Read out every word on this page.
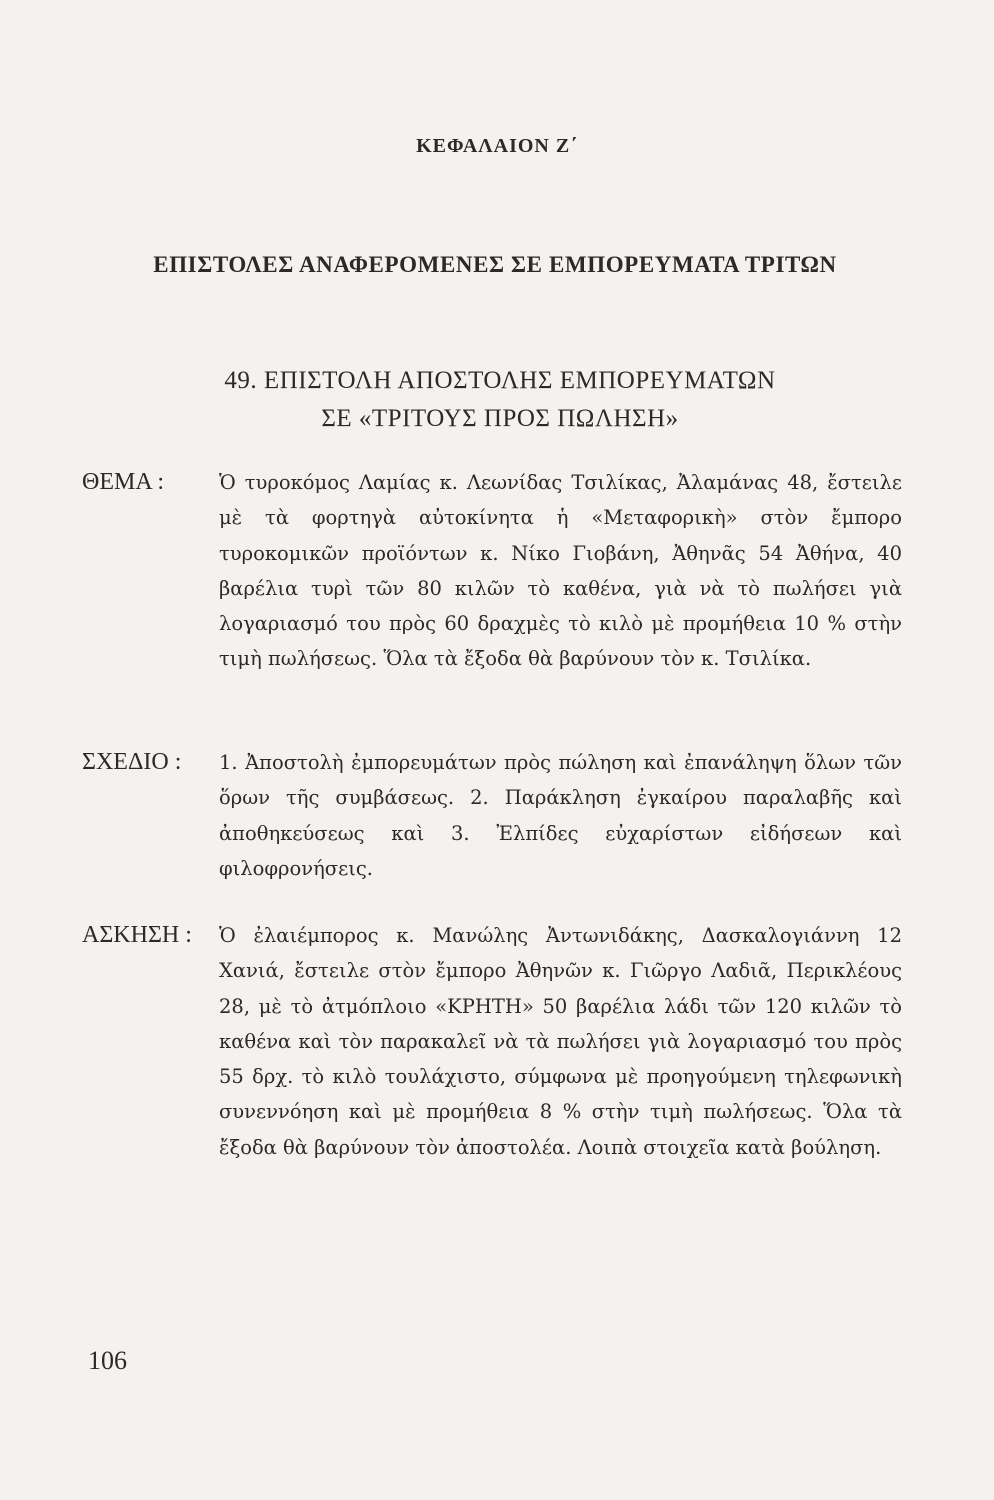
ΚΕΦΑΛΑΙΟΝ Ζ΄
ΕΠΙΣΤΟΛΕΣ ΑΝΑΦΕΡΟΜΕΝΕΣ ΣΕ ΕΜΠΟΡΕΥΜΑΤΑ ΤΡΙΤΩΝ
49. ΕΠΙΣΤΟΛΗ ΑΠΟΣΤΟΛΗΣ ΕΜΠΟΡΕΥΜΑΤΩΝ
ΣΕ «ΤΡΙΤΟΥΣ ΠΡΟΣ ΠΩΛΗΣΗ»
ΘΕΜΑ :	Ὁ τυροκόμος Λαμίας κ. Λεωνίδας Τσιλίκας, Ἀλαμάνας 48, ἔστειλε μὲ τὰ φορτηγὰ αὐτοκίνητα ἡ «Μεταφορικὴ» στὸν ἔμπορο τυροκομικῶν προϊόντων κ. Νίκο Γιοβάνη, Ἀθηνᾶς 54 Ἀθήνα, 40 βαρέλια τυρὶ τῶν 80 κιλῶν τὸ καθένα, γιὰ νὰ τὸ πωλήσει γιὰ λογαριασμό του πρὸς 60 δραχμὲς τὸ κιλὸ μὲ προμήθεια 10 % στὴν τιμὴ πωλήσεως. Ὅλα τὰ ἔξοδα θὰ βαρύνουν τὸν κ. Τσιλίκα.
ΣΧΕΔΙΟ : 1. Ἀποστολὴ ἐμπορευμάτων πρὸς πώληση καὶ ἐπανάληψη ὅλων τῶν ὅρων τῆς συμβάσεως. 2. Παράκληση ἐγκαίρου παραλαβῆς καὶ ἀποθηκεύσεως καὶ 3. Ἐλπίδες εὐχαρίστων εἰδήσεων καὶ φιλοφρονήσεις.
ΑΣΚΗΣΗ : Ὁ ἐλαιέμπορος κ. Μανώλης Ἀντωνιδάκης, Δασκαλογιάννη 12 Χανιά, ἔστειλε στὸν ἔμπορο Ἀθηνῶν κ. Γιῶργο Λαδιᾶ, Περικλέους 28, μὲ τὸ ἀτμόπλοιο «ΚΡΗΤΗ» 50 βαρέλια λάδι τῶν 120 κιλῶν τὸ καθένα καὶ τὸν παρακαλεῖ νὰ τὰ πωλήσει γιὰ λογαριασμό του πρὸς 55 δρχ. τὸ κιλὸ τουλάχιστο, σύμφωνα μὲ προηγούμενη τηλεφωνικὴ συνεννόηση καὶ μὲ προμήθεια 8 % στὴν τιμὴ πωλήσεως. Ὅλα τὰ ἔξοδα θὰ βαρύνουν τὸν ἀποστολέα. Λοιπὰ στοιχεῖα κατὰ βούληση.
106
